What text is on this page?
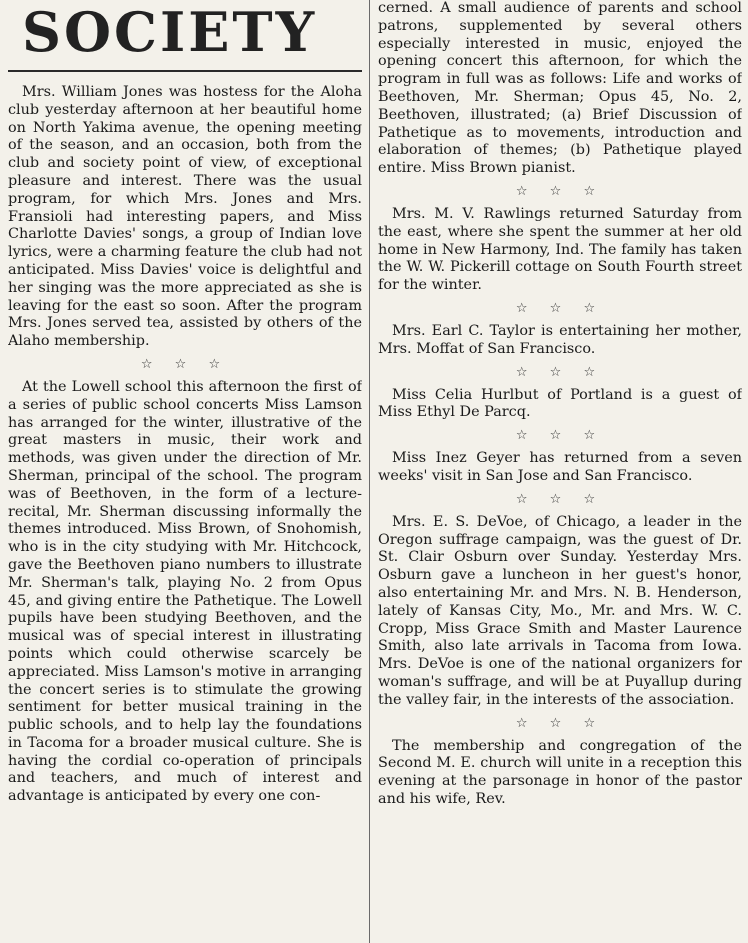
SOCIETY

Mrs. William Jones was hostess for the Aloha club yesterday afternoon at her beautiful home on North Yakima avenue, the opening meeting of the season, and an occasion, both from the club and society point of view, of exceptional pleasure and interest. There was the usual program, for which Mrs. Jones and Mrs. Fransioli had interesting papers, and Miss Charlotte Davies' songs, a group of Indian love lyrics, were a charming feature the club had not anticipated. Miss Davies' voice is delightful and her singing was the more appreciated as she is leaving for the east so soon. After the program Mrs. Jones served tea, assisted by others of the Alaho membership.

☆ ☆ ☆

At the Lowell school this afternoon the first of a series of public school concerts Miss Lamson has arranged for the winter, illustrative of the great masters in music, their work and methods, was given under the direction of Mr. Sherman, principal of the school. The program was of Beethoven, in the form of a lecture-recital, Mr. Sherman discussing informally the themes introduced. Miss Brown, of Snohomish, who is in the city studying with Mr. Hitchcock, gave the Beethoven piano numbers to illustrate Mr. Sherman's talk, playing No. 2 from Opus 45, and giving entire the Pathetique. The Lowell pupils have been studying Beethoven, and the musical was of special interest in illustrating points which could otherwise scarcely be appreciated. Miss Lamson's motive in arranging the concert series is to stimulate the growing sentiment for better musical training in the public schools, and to help lay the foundations in Tacoma for a broader musical culture. She is having the cordial co-operation of principals and teachers, and much of interest and advantage is anticipated by every one con-

cerned. A small audience of parents and school patrons, supplemented by several others especially interested in music, enjoyed the opening concert this afternoon, for which the program in full was as follows: Life and works of Beethoven, Mr. Sherman; Opus 45, No. 2, Beethoven, illustrated; (a) Brief Discussion of Pathetique as to movements, introduction and elaboration of themes; (b) Pathetique played entire. Miss Brown pianist.

☆ ☆ ☆

Mrs. M. V. Rawlings returned Saturday from the east, where she spent the summer at her old home in New Harmony, Ind. The family has taken the W. W. Pickerill cottage on South Fourth street for the winter.

☆ ☆ ☆

Mrs. Earl C. Taylor is entertaining her mother, Mrs. Moffat of San Francisco.

☆ ☆ ☆

Miss Celia Hurlbut of Portland is a guest of Miss Ethyl De Parcq.

☆ ☆ ☆

Miss Inez Geyer has returned from a seven weeks' visit in San Jose and San Francisco.

☆ ☆ ☆

Mrs. E. S. DeVoe, of Chicago, a leader in the Oregon suffrage campaign, was the guest of Dr. St. Clair Osburn over Sunday. Yesterday Mrs. Osburn gave a luncheon in her guest's honor, also entertaining Mr. and Mrs. N. B. Henderson, lately of Kansas City, Mo., Mr. and Mrs. W. C. Cropp, Miss Grace Smith and Master Laurence Smith, also late arrivals in Tacoma from Iowa. Mrs. DeVoe is one of the national organizers for woman's suffrage, and will be at Puyallup during the valley fair, in the interests of the association.

☆ ☆ ☆

The membership and congregation of the Second M. E. church will unite in a reception this evening at the parsonage in honor of the pastor and his wife, Rev.
